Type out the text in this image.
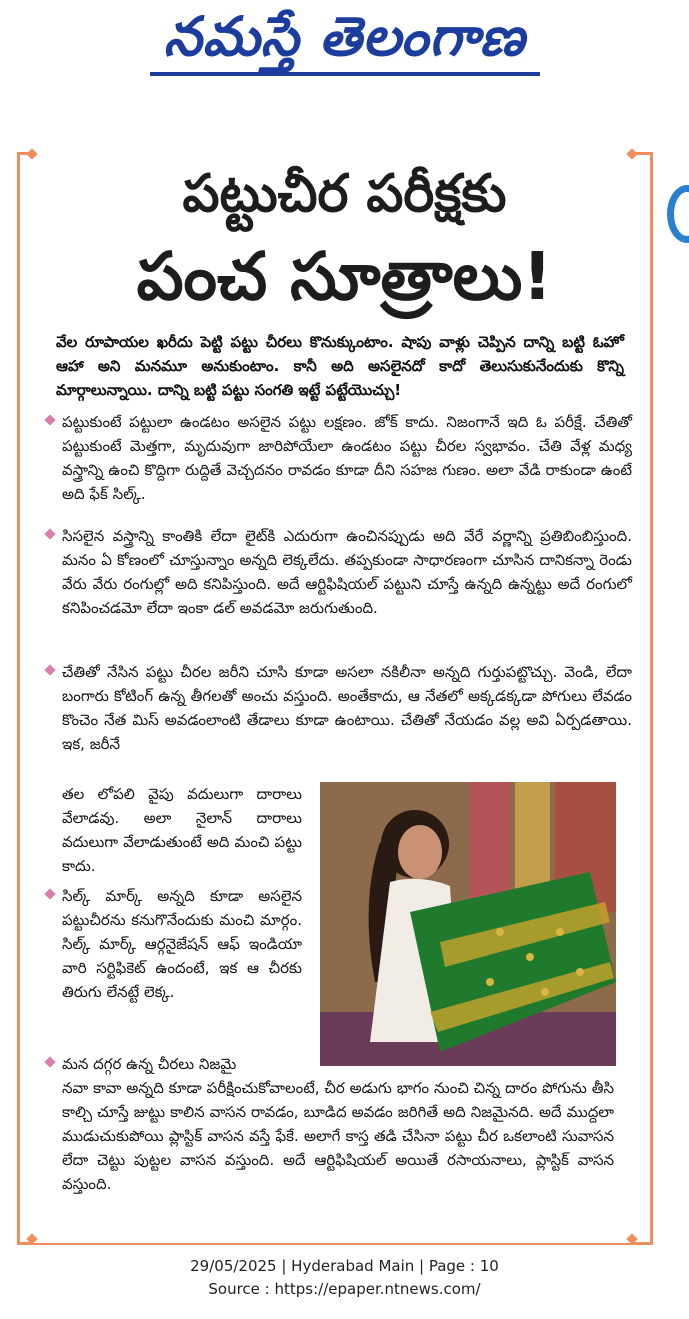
నమస్తే తెలంగాణ
పట్టుచీర పరీక్షకు
పంచ సూత్రాలు!
వేల రూపాయల ఖరీదు పెట్టి పట్టు చీరలు కొనుక్కుంటాం. షాపు వాళ్లు చెప్పిన దాన్ని బట్టి ఓహో ఆహా అని మనమూ అనుకుంటాం. కానీ అది అసలైనదో కాదో తెలుసుకునేందుకు కొన్ని మార్గాలున్నాయి. దాన్ని బట్టి పట్టు సంగతి ఇట్టే పట్టేయొచ్చు!
పట్టుకుంటే పట్టులా ఉండటం అసలైన పట్టు లక్షణం. జోక్ కాదు. నిజంగానే ఇది ఓ పరీక్షే. చేతితో పట్టుకుంటే మెత్తగా, మృదువుగా జారిపోయేలా ఉండటం పట్టు చీరల స్వభావం. చేతి వేళ్ల మధ్య వస్త్రాన్ని ఉంచి కొద్దిగా రుద్దితే వెచ్చదనం రావడం కూడా దీని సహజ గుణం. అలా వేడి రాకుండా ఉంటే అది ఫేక్ సిల్క్.
సిసలైన వస్త్రాన్ని కాంతికి లేదా లైట్‌కి ఎదురుగా ఉంచినప్పుడు అది వేరే వర్ణాన్ని ప్రతిబింబిస్తుంది. మనం ఏ కోణంలో చూస్తున్నాం అన్నది లెక్కలేదు. తప్పకుండా సాధారణంగా చూసిన దానికన్నా రెండు వేరు వేరు రంగుల్లో అది కనిపిస్తుంది. అదే ఆర్టిఫిషియల్ పట్టుని చూస్తే ఉన్నది ఉన్నట్టు అదే రంగులో కనిపించడమో లేదా ఇంకా డల్ అవడమో జరుగుతుంది.
చేతితో నేసిన పట్టు చీరల జరీని చూసి కూడా అసలా నకిలీనా అన్నది గుర్తుపట్టొచ్చు. వెండి, లేదా బంగారు కోటింగ్ ఉన్న తీగలతో అంచు వస్తుంది. అంతేకాదు, ఆ నేతలో అక్కడక్కడా పోగులు లేవడం కొంచెం నేత మిస్ అవడంలాంటి తేడాలు కూడా ఉంటాయి. చేతితో నేయడం వల్ల అవి ఏర్పడతాయి. ఇక, జరీనే
తల లోపలి వైపు వదులుగా దారాలు వేలాడవు. అలా నైలాన్ దారాలు వదులుగా వేలాడుతుంటే అది మంచి పట్టు కాదు.
సిల్క్ మార్క్ అన్నది కూడా అసలైన పట్టుచీరను కనుగొనేందుకు మంచి మార్గం. సిల్క్ మార్క్ ఆర్గనైజేషన్ ఆఫ్ ఇండియా వారి సర్టిఫికెట్ ఉందంటే, ఇక ఆ చీరకు తిరుగు లేనట్టే లెక్క.
మన దగ్గర ఉన్న చీరలు నిజమై
నవా కావా అన్నది కూడా పరీక్షించుకోవాలంటే, చీర అడుగు భాగం నుంచి చిన్న దారం పోగును తీసి కాల్చి చూస్తే జుట్టు కాలిన వాసన రావడం, బూడిద అవడం జరిగితే అది నిజమైనది. అదే ముద్దలా ముడుచుకుపోయి ప్లాస్టిక్ వాసన వస్తే ఫేకే. అలాగే కాస్త తడి చేసినా పట్టు చీర ఒకలాంటి సువాసన లేదా చెట్టు పుట్టల వాసన వస్తుంది. అదే ఆర్టిఫిషియల్ అయితే రసాయనాలు, ప్లాస్టిక్ వాసన వస్తుంది.
29/05/2025 | Hyderabad Main | Page : 10
Source : https://epaper.ntnews.com/
